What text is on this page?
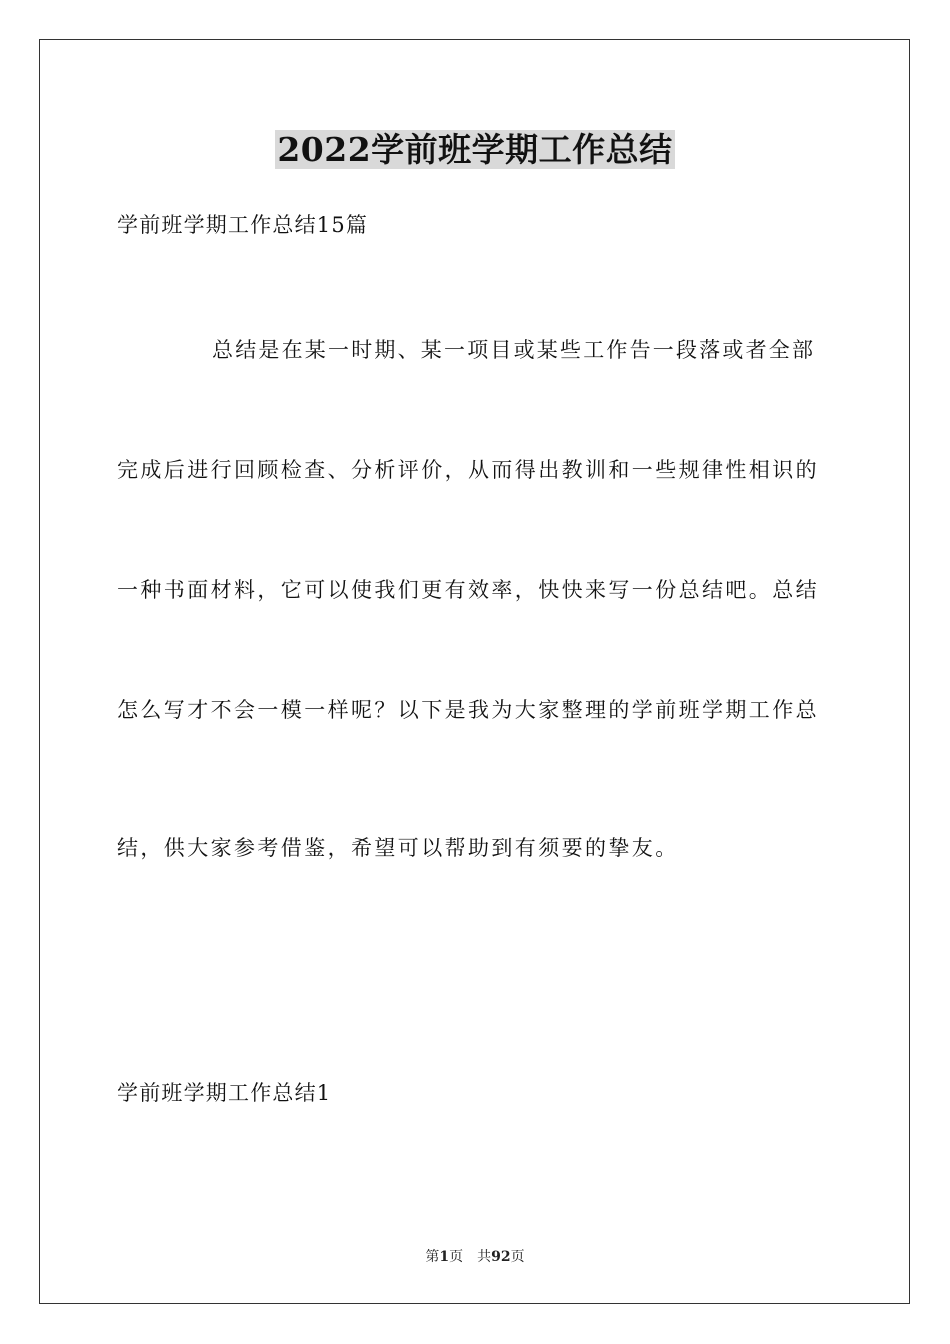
2022学前班学期工作总结
学前班学期工作总结15篇
总结是在某一时期、某一项目或某些工作告一段落或者全部
完成后进行回顾检查、分析评价，从而得出教训和一些规律性相识的
一种书面材料，它可以使我们更有效率，快快来写一份总结吧。总结
怎么写才不会一模一样呢？以下是我为大家整理的学前班学期工作总
结，供大家参考借鉴，希望可以帮助到有须要的挚友。
学前班学期工作总结1
第1页 共92页
